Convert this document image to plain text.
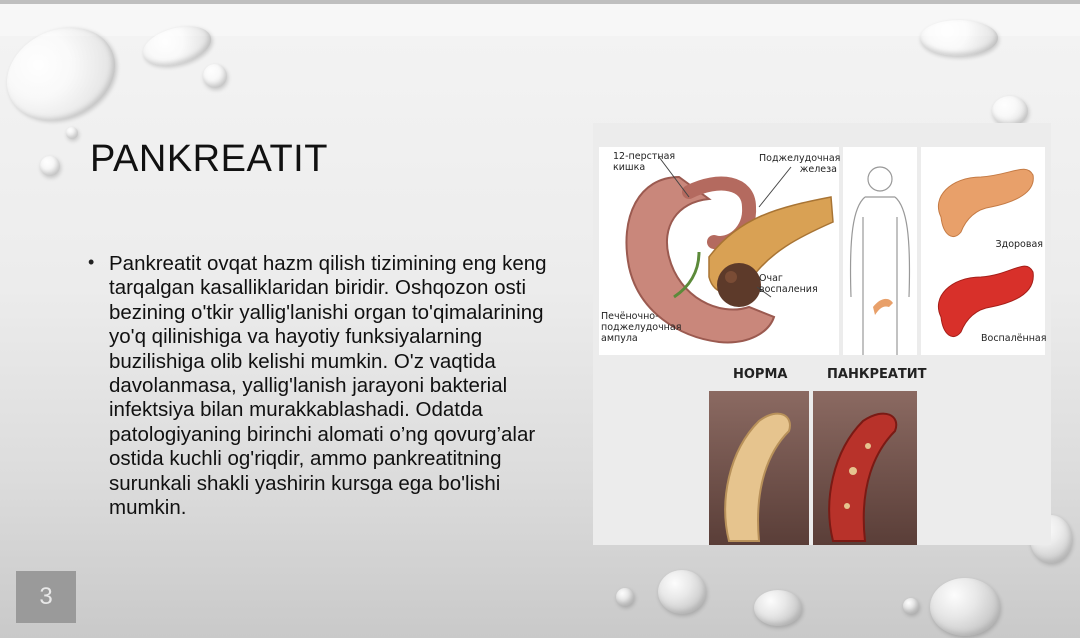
PANKREATIT
• Pankreatit ovqat hazm qilish tizimining eng keng tarqalgan kasalliklaridan biridir. Oshqozon osti bezining o'tkir yallig'lanishi organ to'qimalarining yo'q qilinishiga va hayotiy funksiyalarning buzilishiga olib kelishi mumkin. O'z vaqtida davolanmasa, yallig'lanish jarayoni bakterial infektsiya bilan murakkablashadi. Odatda patologiyaning birinchi alomati o’ng qovurg’alar ostida kuchli og'riqdir, ammo pankreatitning surunkali shakli yashirin kursga ega bo'lishi mumkin.
3
12-перстная кишка
Поджелудочная железа
Очаг воспаления
Печёночно-поджелудочная ампула
Здоровая
Воспалённая
НОРМА	ПАНКРЕАТИТ
